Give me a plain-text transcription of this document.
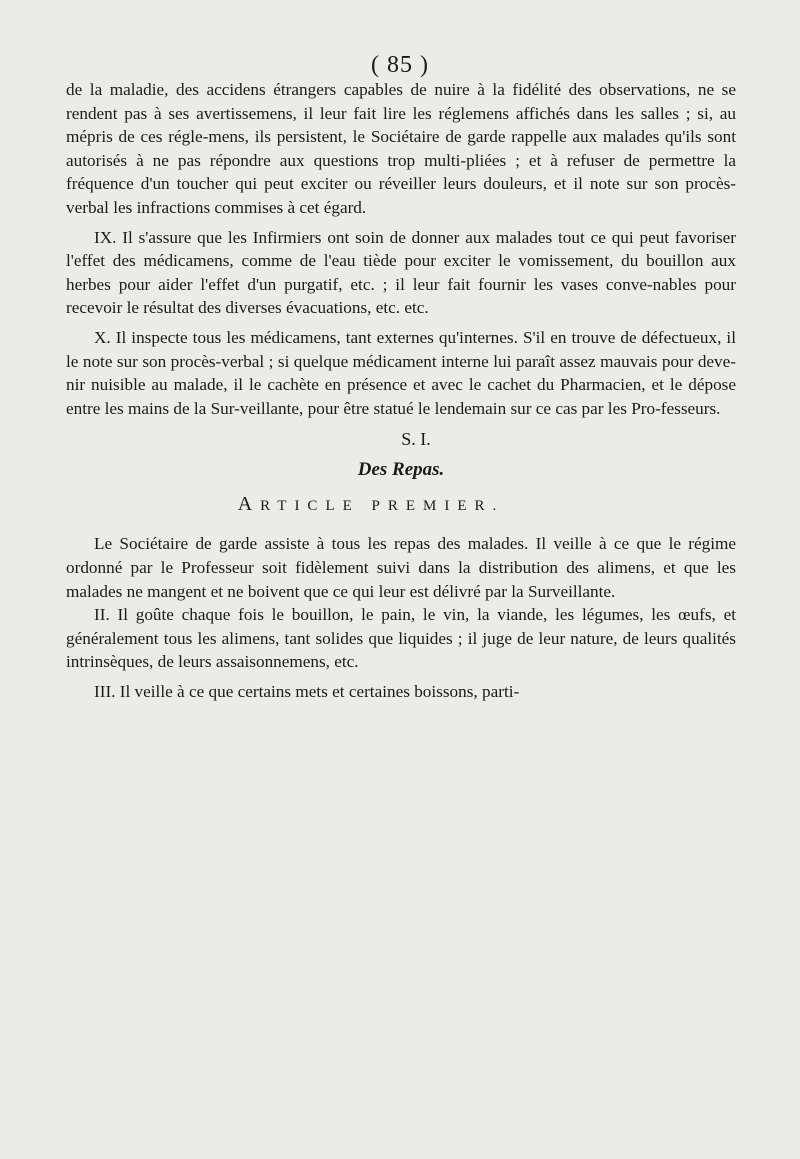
( 85 )

de la maladie, des accidens étrangers capables de nuire à la fidélité des observations, ne se rendent pas à ses avertissemens, il leur fait lire les réglemens affichés dans les salles ; si, au mépris de ces régle-mens, ils persistent, le Sociétaire de garde rappelle aux malades qu'ils sont autorisés à ne pas répondre aux questions trop multi-pliées ; et à refuser de permettre la fréquence d'un toucher qui peut exciter ou réveiller leurs douleurs, et il note sur son procès-verbal les infractions commises à cet égard.

IX. Il s'assure que les Infirmiers ont soin de donner aux malades tout ce qui peut favoriser l'effet des médicamens, comme de l'eau tiède pour exciter le vomissement, du bouillon aux herbes pour aider l'effet d'un purgatif, etc. ; il leur fait fournir les vases conve-nables pour recevoir le résultat des diverses évacuations, etc. etc.

X. Il inspecte tous les médicamens, tant externes qu'internes. S'il en trouve de défectueux, il le note sur son procès-verbal ; si quelque médicament interne lui paraît assez mauvais pour deve-nir nuisible au malade, il le cachète en présence et avec le cachet du Pharmacien, et le dépose entre les mains de la Sur-veillante, pour être statué le lendemain sur ce cas par les Pro-fesseurs.

S. I.
Des Repas.
ARTICLE PREMIER.

Le Sociétaire de garde assiste à tous les repas des malades. Il veille à ce que le régime ordonné par le Professeur soit fidèlement suivi dans la distribution des alimens, et que les malades ne mangent et ne boivent que ce qui leur est délivré par la Surveillante.

II. Il goûte chaque fois le bouillon, le pain, le vin, la viande, les légumes, les œufs, et généralement tous les alimens, tant solides que liquides ; il juge de leur nature, de leurs qualités intrinsèques, de leurs assaisonnemens, etc.

III. Il veille à ce que certains mets et certaines boissons, parti-
